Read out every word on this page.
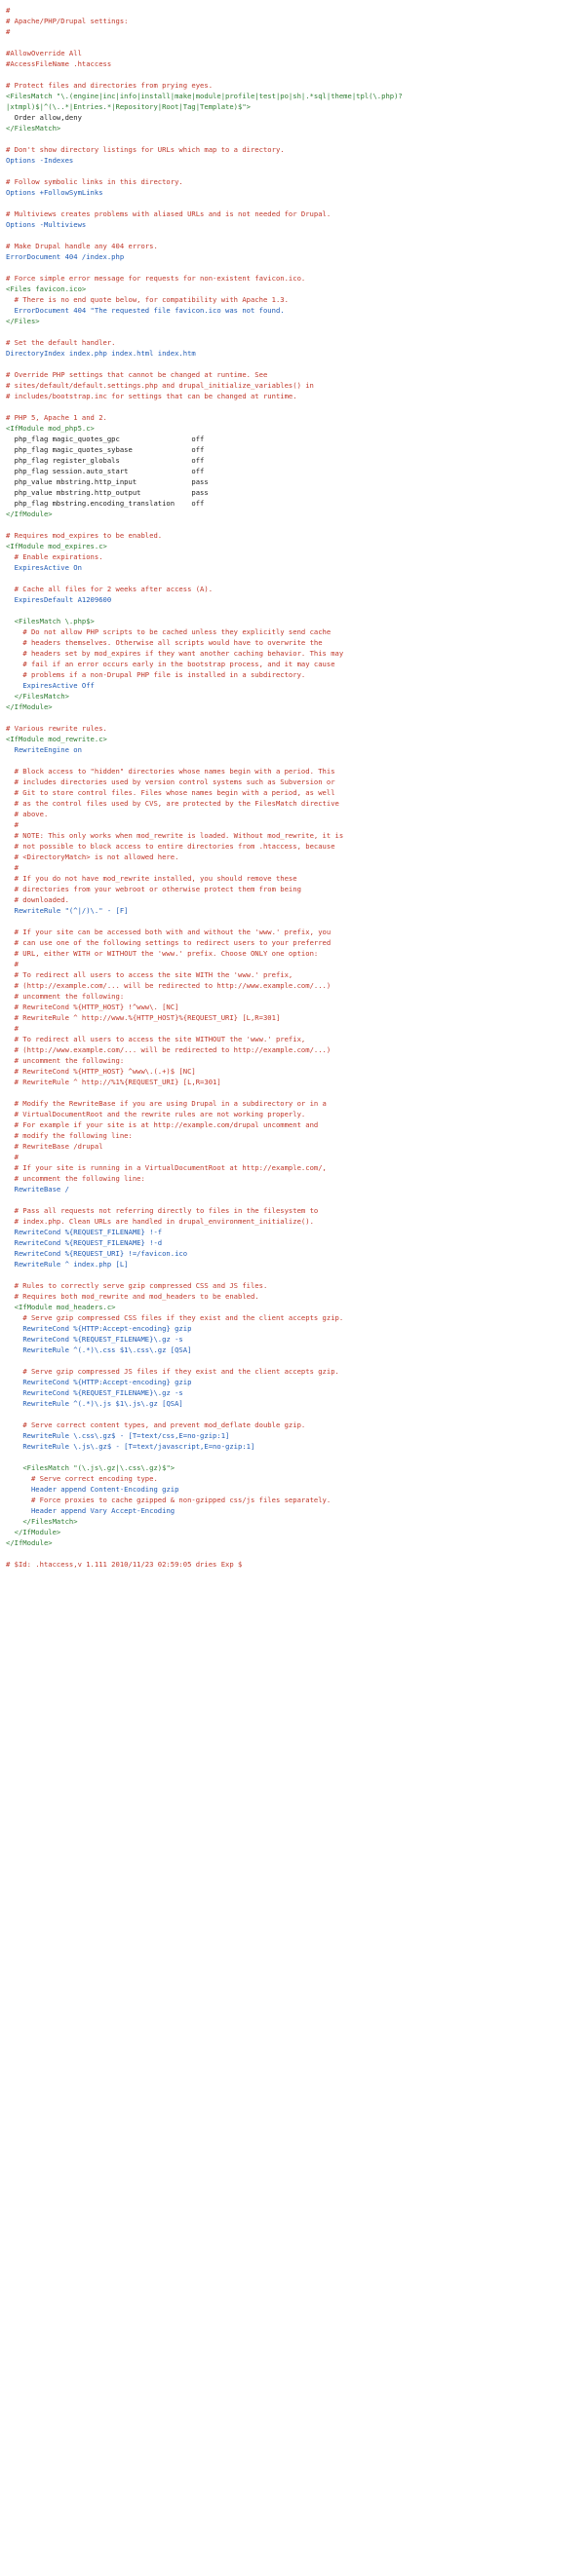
#
# Apache/PHP/Drupal settings:
#
#AllowOverride All
#AccessFileName .htaccess
# Protect files and directories from prying eyes.
<FilesMatch "\.(engine|inc|info|install|make|module|profile|test|po|sh|.*sql|theme|tpl(\.php)?
|xtmpl)$|^(\..*|Entries.*|Repository|Root|Tag|Template)$">
Order allow,deny
</FilesMatch>
# Don't show directory listings for URLs which map to a directory.
Options -Indexes
# Follow symbolic links in this directory.
Options +FollowSymLinks
# Multiviews creates problems with aliased URLs and is not needed for Drupal.
Options -Multiviews
# Make Drupal handle any 404 errors.
ErrorDocument 404 /index.php
# Force simple error message for requests for non-existent favicon.ico.
<Files favicon.ico>
# There is no end quote below, for compatibility with Apache 1.3.
ErrorDocument 404 "The requested file favicon.ico was not found.
</Files>
# Set the default handler.
DirectoryIndex index.php index.html index.htm
# Override PHP settings that cannot be changed at runtime. See
# sites/default/default.settings.php and drupal_initialize_variables() in
# includes/bootstrap.inc for settings that can be changed at runtime.
# PHP 5, Apache 1 and 2.
<IfModule mod_php5.c>
php_flag magic_quotes_gpc                 off
php_flag magic_quotes_sybase              off
php_flag register_globals                 off
php_flag session.auto_start               off
php_value mbstring.http_input             pass
php_value mbstring.http_output            pass
php_flag mbstring.encoding_translation    off
</IfModule>
# Requires mod_expires to be enabled.
<IfModule mod_expires.c>
# Enable expirations.
ExpiresActive On
# Cache all files for 2 weeks after access (A).
ExpiresDefault A1209600
<FilesMatch \.php$>
# Do not allow PHP scripts to be cached unless they explicitly send cache
# headers themselves. Otherwise all scripts would have to overwrite the
# headers set by mod_expires if they want another caching behavior. This may
# fail if an error occurs early in the bootstrap process, and it may cause
# problems if a non-Drupal PHP file is installed in a subdirectory.
ExpiresActive Off
</FilesMatch>
</IfModule>
# Various rewrite rules.
<IfModule mod_rewrite.c>
RewriteEngine on
# Block access to "hidden" directories whose names begin with a period. This
# includes directories used by version control systems such as Subversion or
# Git to store control files. Files whose names begin with a period, as well
# as the control files used by CVS, are protected by the FilesMatch directive
# above.
#
# NOTE: This only works when mod_rewrite is loaded. Without mod_rewrite, it is
# not possible to block access to entire directories from .htaccess, because
# <DirectoryMatch> is not allowed here.
#
# If you do not have mod_rewrite installed, you should remove these
# directories from your webroot or otherwise protect them from being
# downloaded.
RewriteRule "(^|/)\." - [F]
# If your site can be accessed both with and without the 'www.' prefix, you
# can use one of the following settings to redirect users to your preferred
# URL, either WITH or WITHOUT the 'www.' prefix. Choose ONLY one option:
#
# To redirect all users to access the site WITH the 'www.' prefix,
# (http://example.com/... will be redirected to http://www.example.com/...)
# uncomment the following:
# RewriteCond %{HTTP_HOST} !^www\. [NC]
# RewriteRule ^ http://www.%{HTTP_HOST}%{REQUEST_URI} [L,R=301]
#
# To redirect all users to access the site WITHOUT the 'www.' prefix,
# (http://www.example.com/... will be redirected to http://example.com/...)
# uncomment the following:
# RewriteCond %{HTTP_HOST} ^www\.(.+)$ [NC]
# RewriteRule ^ http://%1%{REQUEST_URI} [L,R=301]
# Modify the RewriteBase if you are using Drupal in a subdirectory or in a
# VirtualDocumentRoot and the rewrite rules are not working properly.
# For example if your site is at http://example.com/drupal uncomment and
# modify the following line:
# RewriteBase /drupal
#
# If your site is running in a VirtualDocumentRoot at http://example.com/,
# uncomment the following line:
RewriteBase /
# Pass all requests not referring directly to files in the filesystem to
# index.php. Clean URLs are handled in drupal_environment_initialize().
RewriteCond %{REQUEST_FILENAME} !-f
RewriteCond %{REQUEST_FILENAME} !-d
RewriteCond %{REQUEST_URI} !=/favicon.ico
RewriteRule ^ index.php [L]
# Rules to correctly serve gzip compressed CSS and JS files.
# Requires both mod_rewrite and mod_headers to be enabled.
<IfModule mod_headers.c>
# Serve gzip compressed CSS files if they exist and the client accepts gzip.
RewriteCond %{HTTP:Accept-encoding} gzip
RewriteCond %{REQUEST_FILENAME}\.gz -s
RewriteRule ^(.*)\.css $1\.css\.gz [QSA]
# Serve gzip compressed JS files if they exist and the client accepts gzip.
RewriteCond %{HTTP:Accept-encoding} gzip
RewriteCond %{REQUEST_FILENAME}\.gz -s
RewriteRule ^(.*)\.js $1\.js\.gz [QSA]
# Serve correct content types, and prevent mod_deflate double gzip.
RewriteRule \.css\.gz$ - [T=text/css,E=no-gzip:1]
RewriteRule \.js\.gz$ - [T=text/javascript,E=no-gzip:1]
<FilesMatch "(\.js\.gz|\.css\.gz)$">
# Serve correct encoding type.
Header append Content-Encoding gzip
# Force proxies to cache gzipped & non-gzipped css/js files separately.
Header append Vary Accept-Encoding
</FilesMatch>
</IfModule>
</IfModule>
# $Id: .htaccess,v 1.111 2010/11/23 02:59:05 dries Exp $
